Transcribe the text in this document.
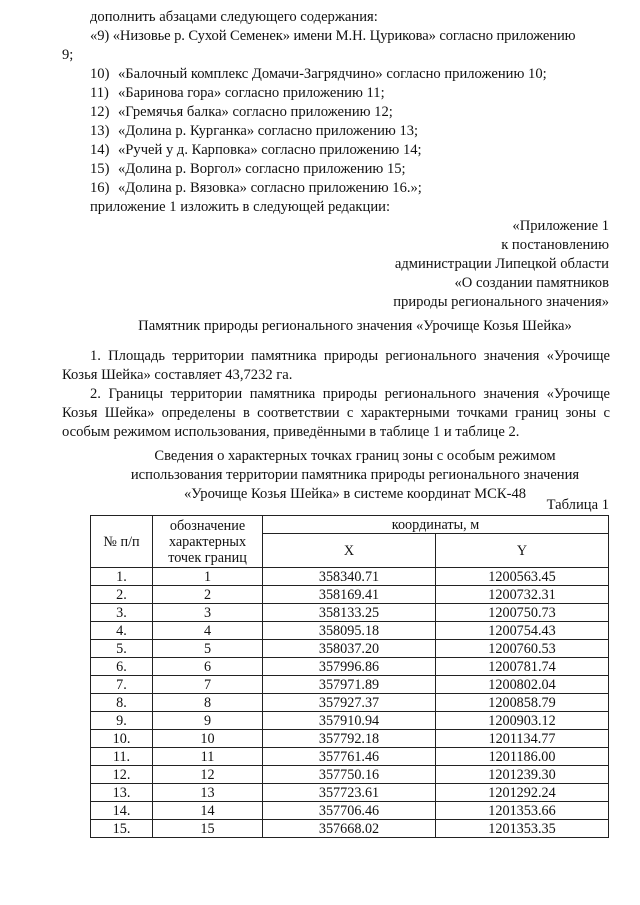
дополнить абзацами следующего содержания:

«9) «Низовье р. Сухой Семенек» имени М.Н. Цурикова» согласно приложению

9;

10) «Балочный комплекс Домачи-Загрядчино» согласно приложению 10;
11) «Баринова гора» согласно приложению 11;
12) «Гремячья балка» согласно приложению 12;
13) «Долина р. Курганка» согласно приложению 13;
14) «Ручей у д. Карповка» согласно приложению 14;
15) «Долина р. Воргол» согласно приложению 15;
16) «Долина р. Вязовка» согласно приложению 16.»;

приложение 1 изложить в следующей редакции:

«Приложение 1

к постановлению

администрации Липецкой области

«О создании памятников

природы регионального значения»

Памятник природы регионального значения «Урочище Козья Шейка»

1. Площадь территории памятника природы регионального значения «Урочище Козья Шейка» составляет 43,7232 га.

2. Границы территории памятника природы регионального значения «Урочище Козья Шейка» определены в соответствии с характерными точками границ зоны с особым режимом использования, приведёнными в таблице 1 и таблице 2.

Сведения о характерных точках границ зоны с особым режимом

использования территории памятника природы регионального значения

«Урочище Козья Шейка» в системе координат МСК-48

Таблица 1
№ п/п	обозначение характерных точек границ	координаты, м	
		X	Y
1.	1	358340.71	1200563.45
2.	2	358169.41	1200732.31
3.	3	358133.25	1200750.73
4.	4	358095.18	1200754.43
5.	5	358037.20	1200760.53
6.	6	357996.86	1200781.74
7.	7	357971.89	1200802.04
8.	8	357927.37	1200858.79
9.	9	357910.94	1200903.12
10.	10	357792.18	1201134.77
11.	11	357761.46	1201186.00
12.	12	357750.16	1201239.30
13.	13	357723.61	1201292.24
14.	14	357706.46	1201353.66
15.	15	357668.02	1201353.35
